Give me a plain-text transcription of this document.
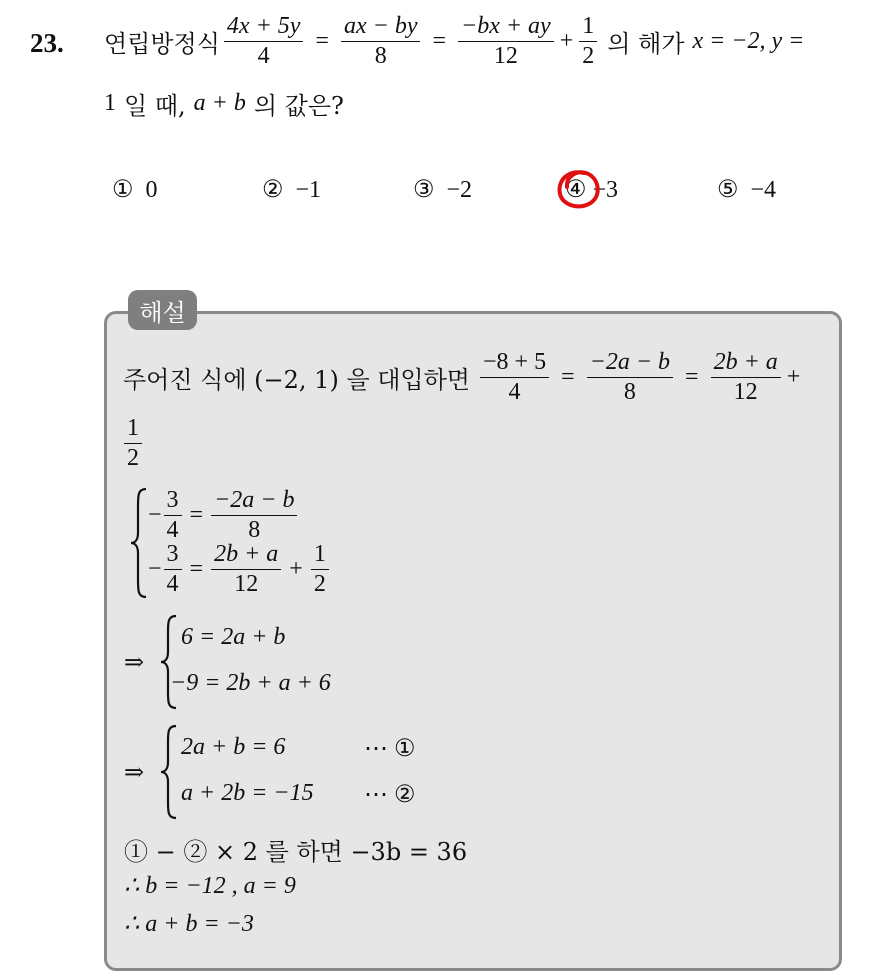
23. 연립방정식 $\frac{4x + 5y}{4} = \frac{ax - by}{8} = \frac{-bx + ay}{12} + \frac{1}{2}$ 의 해가 x = −2, y =
1 일 때, a + b 의 값은?
① 0	② −1	③ −2	④ −3	⑤ −4
해설
주어진 식에 (−2, 1) 을 대입하면 $\frac{-8 + 5}{4} = \frac{-2a - b}{8} = \frac{2b + a}{12}$ +
$\frac{1}{2}$
− $\frac{3}{4} = \frac{-2a - b}{8}$
− $\frac{3}{4} = \frac{2b + a}{12} + \frac{1}{2}$
⇒
6 = 2a + b
−9 = 2b + a + 6
⇒
2a + b = 6	⋯ ①
a + 2b = −15 ⋯ ②
① − ② × 2 를 하면 −3b = 36
∴ b = −12 , a = 9
∴ a + b = −3
